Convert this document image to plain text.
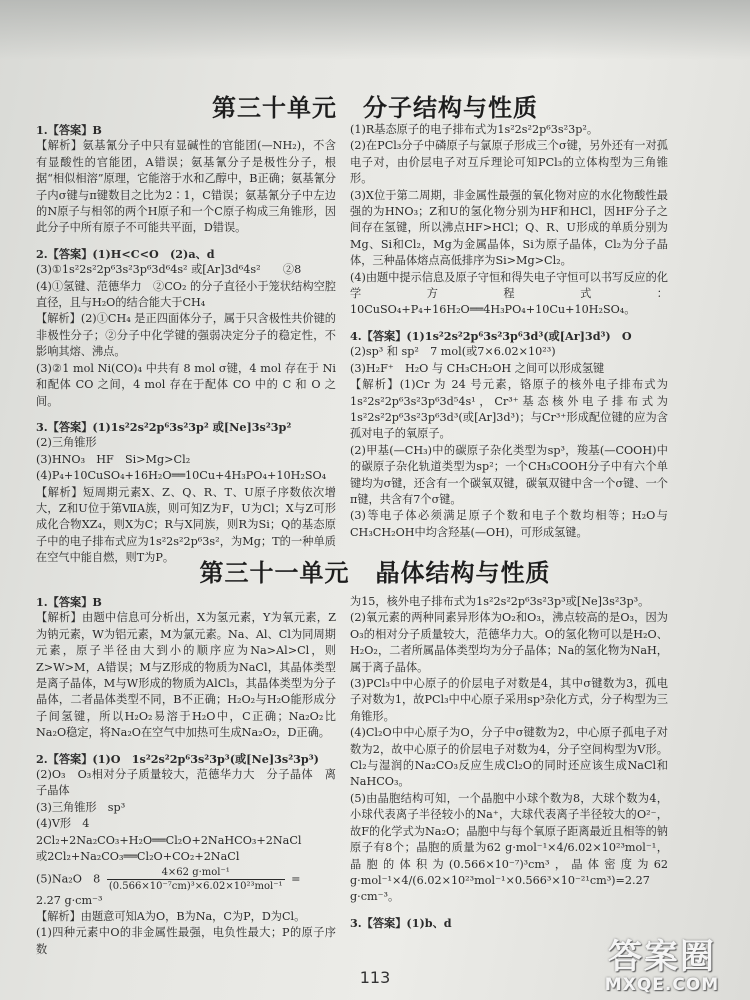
第三十单元 分子结构与性质

1.【答案】B

【解析】氨基氰分子中只有显碱性的官能团(—NH₂)，不含有显酸性的官能团，A错误；氨基氰分子是极性分子，根据“相似相溶”原理，它能溶于水和乙醇中，B正确；氨基氰分子内σ键与π键数目之比为2∶1，C错误；氨基氰分子中左边的N原子与相邻的两个H原子和一个C原子构成三角锥形，因此分子中所有原子不可能共平面，D错误。

2.【答案】(1)H<C<O　(2)a、d

(3)①1s²2s²2p⁶3s²3p⁶3d⁶4s² 或[Ar]3d⁶4s²　　②8

(4)①氢键、范德华力　②CO₂ 的分子直径小于笼状结构空腔直径，且与H₂O的结合能大于CH₄

【解析】(2)①CH₄ 是正四面体分子，属于只含极性共价键的非极性分子；②分子中化学键的强弱决定分子的稳定性，不影响其熔、沸点。

(3)②1 mol Ni(CO)₄ 中共有 8 mol σ键，4 mol 存在于 Ni 和配体 CO 之间，4 mol 存在于配体 CO 中的 C 和 O 之间。

3.【答案】(1)1s²2s²2p⁶3s²3p² 或[Ne]3s²3p²

(2)三角锥形

(3)HNO₃　HF　Si>Mg>Cl₂

(4)P₄+10CuSO₄+16H₂O══10Cu+4H₃PO₄+10H₂SO₄

【解析】短周期元素X、Z、Q、R、T、U原子序数依次增大，Z和U位于第ⅦA族，则可知Z为F，U为Cl；X与Z可形成化合物XZ₄，则X为C；R与X同族，则R为Si；Q的基态原子中的电子排布式应为1s²2s²2p⁶3s²，为Mg；T的一种单质在空气中能自燃，则T为P。

(1)R基态原子的电子排布式为1s²2s²2p⁶3s²3p²。

(2)在PCl₃分子中磷原子与氯原子形成三个σ键，另外还有一对孤电子对，由价层电子对互斥理论可知PCl₃的立体构型为三角锥形。

(3)X位于第二周期，非金属性最强的氧化物对应的水化物酸性最强的为HNO₃；Z和U的氢化物分别为HF和HCl，因HF分子之间存在氢键，所以沸点HF>HCl；Q、R、U形成的单质分别为Mg、Si和Cl₂，Mg为金属晶体，Si为原子晶体，Cl₂为分子晶体，三种晶体熔点高低排序为Si>Mg>Cl₂。

(4)由题中提示信息及原子守恒和得失电子守恒可以书写反应的化学方程式：10CuSO₄+P₄+16H₂O══4H₃PO₄+10Cu+10H₂SO₄。

4.【答案】(1)1s²2s²2p⁶3s²3p⁶3d³(或[Ar]3d³)　O

(2)sp³ 和 sp²　7 mol(或7×6.02×10²³)

(3)H₂F⁺　H₂O 与 CH₃CH₂OH 之间可以形成氢键

【解析】(1)Cr 为 24 号元素，铬原子的核外电子排布式为1s²2s²2p⁶3s²3p⁶3d⁵4s¹，Cr³⁺基态核外电子排布式为1s²2s²2p⁶3s²3p⁶3d³(或[Ar]3d³)；与Cr³⁺形成配位键的应为含孤对电子的氧原子。

(2)甲基(—CH₃)中的碳原子杂化类型为sp³，羧基(—COOH)中的碳原子杂化轨道类型为sp²；一个CH₃COOH分子中有六个单键均为σ键，还含有一个碳氧双键，碳氧双键中含一个σ键、一个π键，共含有7个σ键。

(3)等电子体必须满足原子个数和电子个数均相等；H₂O与CH₃CH₂OH中均含羟基(—OH)，可形成氢键。

第三十一单元 晶体结构与性质

1.【答案】B

【解析】由题中信息可分析出，X为氢元素，Y为氧元素，Z为钠元素，W为铝元素，M为氯元素。Na、Al、Cl为同周期元素，原子半径由大到小的顺序应为Na>Al>Cl，则Z>W>M，A错误；M与Z形成的物质为NaCl，其晶体类型是离子晶体，M与W形成的物质为AlCl₃，其晶体类型为分子晶体，二者晶体类型不同，B不正确；H₂O₂与H₂O能形成分子间氢键，所以H₂O₂易溶于H₂O中，C正确；Na₂O₂比Na₂O稳定，将Na₂O在空气中加热可生成Na₂O₂，D正确。

2.【答案】(1)O　1s²2s²2p⁶3s²3p³(或[Ne]3s²3p³)

(2)O₃　O₃相对分子质量较大，范德华力大　分子晶体　离子晶体

(3)三角锥形　sp³

(4)V形　4

2Cl₂+2Na₂CO₃+H₂O══Cl₂O+2NaHCO₃+2NaCl

或2Cl₂+Na₂CO₃══Cl₂O+CO₂+2NaCl

(5)Na₂O　$8 \frac{\text{4×62 g·mol⁻¹}}{\text{(0.566×10⁻⁷cm)³×6.02×10²³mol⁻¹}}$ =

2.27 g·cm⁻³

【解析】由题意可知A为O，B为Na，C为P，D为Cl。

(1)四种元素中O的非金属性最强，电负性最大；P的原子序数

为15，核外电子排布式为1s²2s²2p⁶3s²3p³或[Ne]3s²3p³。

(2)氧元素的两种同素异形体为O₂和O₃，沸点较高的是O₃，因为O₃的相对分子质量较大，范德华力大。O的氢化物可以是H₂O、H₂O₂，二者所属晶体类型均为分子晶体；Na的氢化物为NaH，属于离子晶体。

(3)PCl₃中中心原子的价层电子对数是4，其中σ键数为3，孤电子对数为1，故PCl₃中中心原子采用sp³杂化方式，分子构型为三角锥形。

(4)Cl₂O中中心原子为O，分子中σ键数为2，中心原子孤电子对数为2，故中心原子的价层电子对数为4，分子空间构型为V形。Cl₂与湿润的Na₂CO₃反应生成Cl₂O的同时还应该生成NaCl和NaHCO₃。

(5)由晶胞结构可知，一个晶胞中小球个数为8，大球个数为4，小球代表离子半径较小的Na⁺，大球代表离子半径较大的O²⁻，故F的化学式为Na₂O；晶胞中与每个氧原子距离最近且相等的钠原子有8个；晶胞的质量为62 g·mol⁻¹×4/6.02×10²³mol⁻¹，晶胞的体积为(0.566×10⁻⁷)³cm³，晶体密度为62 g·mol⁻¹×4/(6.02×10²³mol⁻¹×0.566³×10⁻²¹cm³)=2.27 g·cm⁻³。

3.【答案】(1)b、d

113
答案圈
MXQE.COM
